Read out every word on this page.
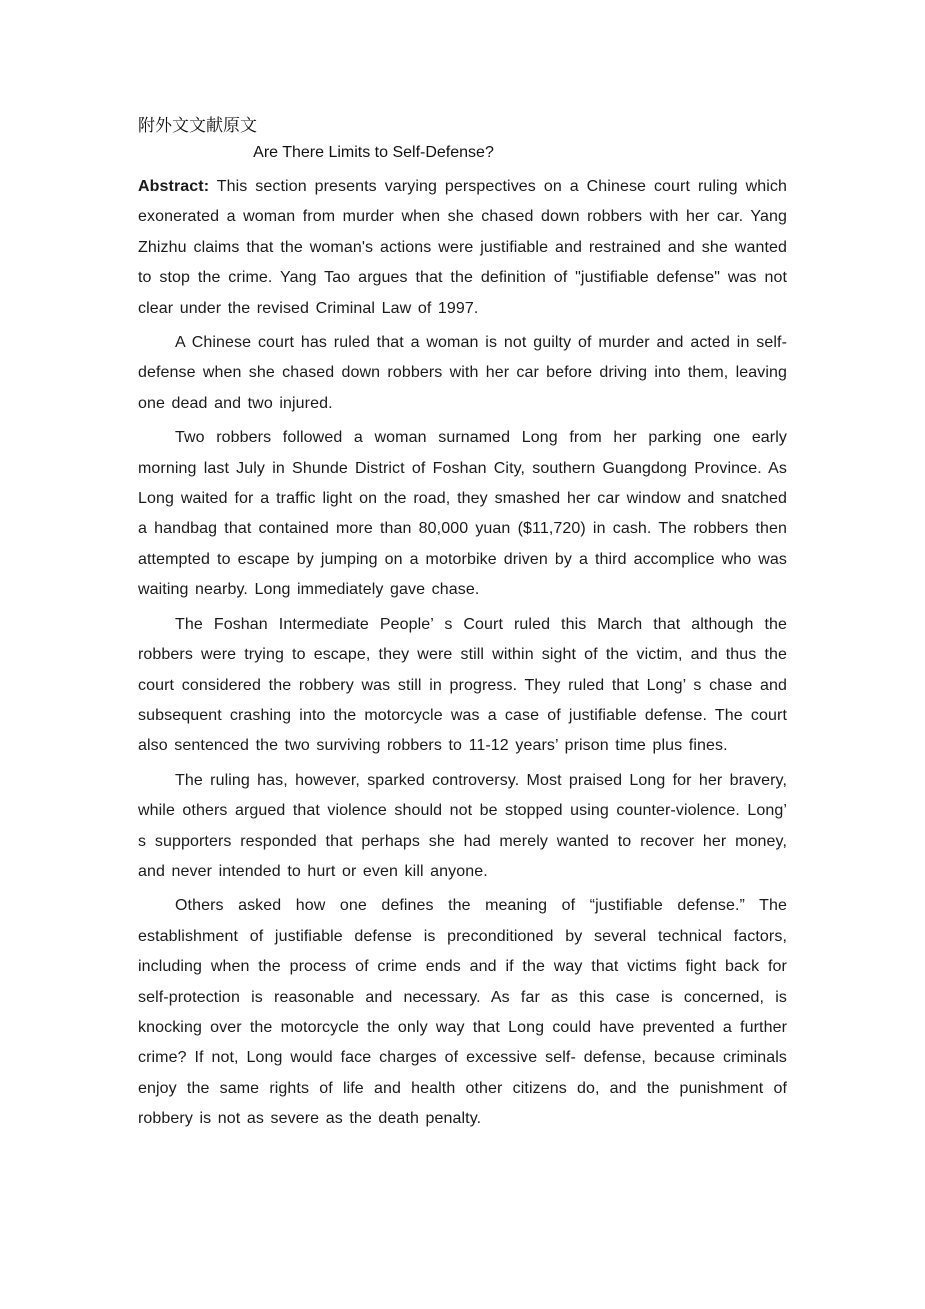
附外文文献原文

Are There Limits to Self-Defense?

Abstract: This section presents varying perspectives on a Chinese court ruling which exonerated a woman from murder when she chased down robbers with her car. Yang Zhizhu claims that the woman's actions were justifiable and restrained and she wanted to stop the crime. Yang Tao argues that the definition of "justifiable defense" was not clear under the revised Criminal Law of 1997.

A Chinese court has ruled that a woman is not guilty of murder and acted in self- defense when she chased down robbers with her car before driving into them, leaving one dead and two injured.

Two robbers followed a woman surnamed Long from her parking one early morning last July in Shunde District of Foshan City, southern Guangdong Province. As Long waited for a traffic light on the road, they smashed her car window and snatched a handbag that contained more than 80,000 yuan ($11,720) in cash. The robbers then attempted to escape by jumping on a motorbike driven by a third accomplice who was waiting nearby. Long immediately gave chase.

The Foshan Intermediate People’ s Court ruled this March that although the robbers were trying to escape, they were still within sight of the victim, and thus the court considered the robbery was still in progress. They ruled that Long’ s chase and subsequent crashing into the motorcycle was a case of justifiable defense. The court also sentenced the two surviving robbers to 11-12 years’ prison time plus fines.

The ruling has, however, sparked controversy. Most praised Long for her bravery, while others argued that violence should not be stopped using counter-violence. Long’ s supporters responded that perhaps she had merely wanted to recover her money, and never intended to hurt or even kill anyone.

Others asked how one defines the meaning of “justifiable defense.” The establishment of justifiable defense is preconditioned by several technical factors, including when the process of crime ends and if the way that victims fight back for self-protection is reasonable and necessary. As far as this case is concerned, is knocking over the motorcycle the only way that Long could have prevented a further crime? If not, Long would face charges of excessive self- defense, because criminals enjoy the same rights of life and health other citizens do, and the punishment of robbery is not as severe as the death penalty.
